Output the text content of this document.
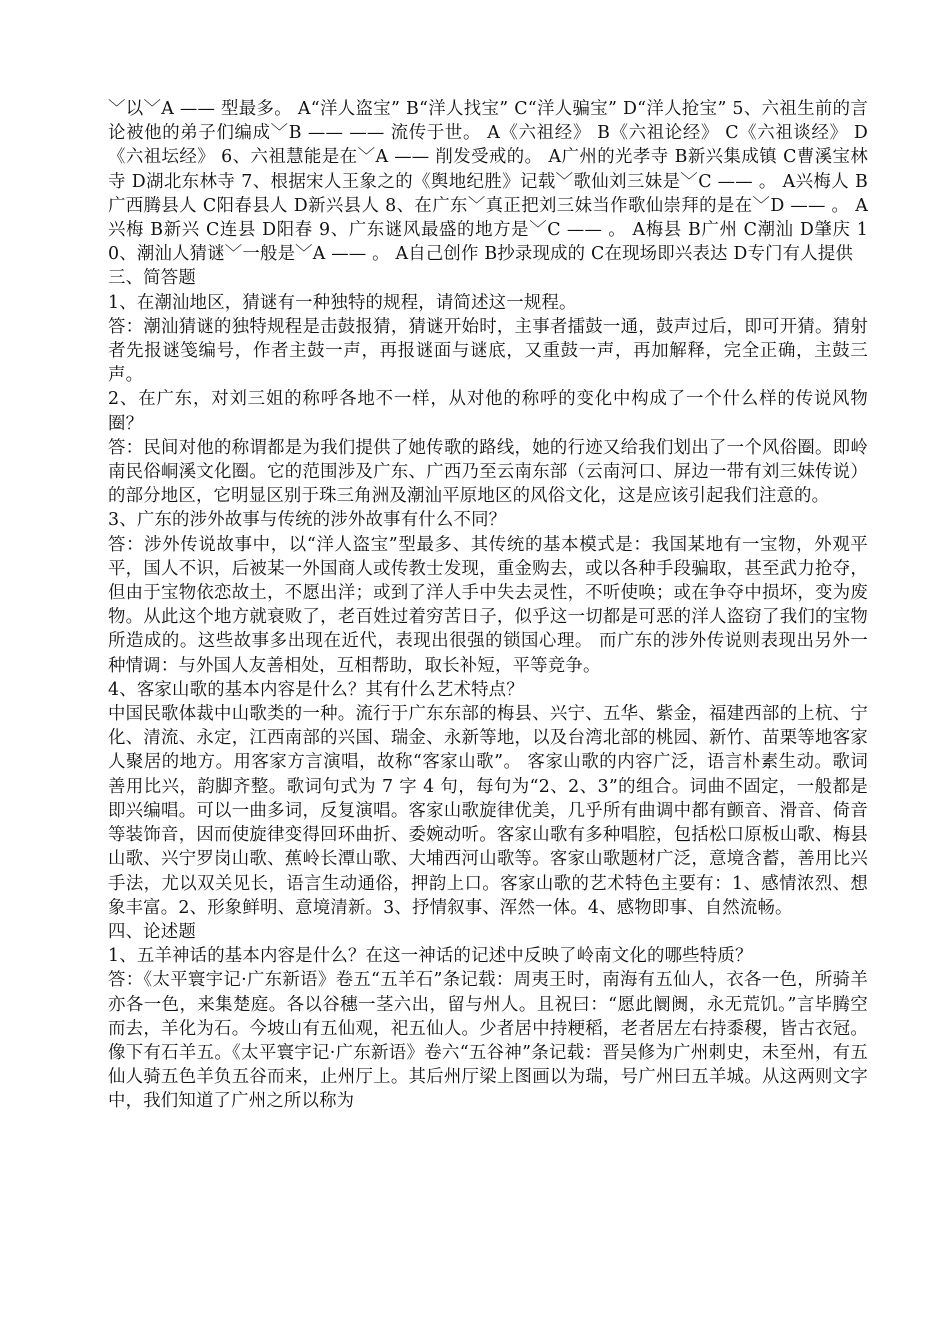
﹀以﹀A —— 型最多。 A“洋人盗宝” B“洋人找宝” C“洋人骗宝” D“洋人抢宝” 5、六祖生前的言论被他的弟子们编成﹀B —— —— 流传于世。 A《六祖经》 B《六祖论经》 C《六祖谈经》 D《六祖坛经》 6、六祖慧能是在﹀A —— 削发受戒的。 A广州的光孝寺 B新兴集成镇 C曹溪宝林寺 D湖北东林寺 7、根据宋人王象之的《舆地纪胜》记载﹀歌仙刘三妹是﹀C —— 。 A兴梅人 B广西腾县人 C阳春县人 D新兴县人 8、在广东﹀真正把刘三妹当作歌仙崇拜的是在﹀D —— 。 A兴梅 B新兴 C连县 D阳春 9、广东谜风最盛的地方是﹀C —— 。 A梅县 B广州 C潮汕 D肇庆 10、潮汕人猜谜﹀一般是﹀A —— 。 A自己创作 B抄录现成的 C在现场即兴表达 D专门有人提供

三、简答题

1、在潮汕地区，猜谜有一种独特的规程，请简述这一规程。

答：潮汕猜谜的独特规程是击鼓报猜，猜谜开始时，主事者擂鼓一通，鼓声过后，即可开猜。猜射者先报谜笺编号，作者主鼓一声，再报谜面与谜底，又重鼓一声，再加解释，完全正确，主鼓三声。

2、在广东，对刘三姐的称呼各地不一样，从对他的称呼的变化中构成了一个什么样的传说风物圈？

答：民间对他的称谓都是为我们提供了她传歌的路线，她的行迹又给我们划出了一个风俗圈。即岭南民俗峒溪文化圈。它的范围涉及广东、广西乃至云南东部（云南河口、屏边一带有刘三妹传说）的部分地区，它明显区别于珠三角洲及潮汕平原地区的风俗文化，这是应该引起我们注意的。

3、广东的涉外故事与传统的涉外故事有什么不同？

答：涉外传说故事中，以“洋人盗宝”型最多、其传统的基本模式是：我国某地有一宝物，外观平平，国人不识，后被某一外国商人或传教士发现，重金购去，或以各种手段骗取，甚至武力抢夺，但由于宝物依恋故土，不愿出洋；或到了洋人手中失去灵性，不听使唤；或在争夺中损坏，变为废物。从此这个地方就衰败了，老百姓过着穷苦日子，似乎这一切都是可恶的洋人盗窃了我们的宝物所造成的。这些故事多出现在近代，表现出很强的锁国心理。 而广东的涉外传说则表现出另外一种情调：与外国人友善相处，互相帮助，取长补短，平等竞争。

4、客家山歌的基本内容是什么？其有什么艺术特点？

中国民歌体裁中山歌类的一种。流行于广东东部的梅县、兴宁、五华、紫金，福建西部的上杭、宁化、清流、永定，江西南部的兴国、瑞金、永新等地，以及台湾北部的桃园、新竹、苗栗等地客家人聚居的地方。用客家方言演唱，故称“客家山歌”。 客家山歌的内容广泛，语言朴素生动。歌词善用比兴，韵脚齐整。歌词句式为 7 字 4 句，每句为“2、2、3”的组合。词曲不固定，一般都是即兴编唱。可以一曲多词，反复演唱。客家山歌旋律优美，几乎所有曲调中都有颤音、滑音、倚音等装饰音，因而使旋律变得回环曲折、委婉动听。客家山歌有多种唱腔，包括松口原板山歌、梅县山歌、兴宁罗岗山歌、蕉岭长潭山歌、大埔西河山歌等。客家山歌题材广泛，意境含蓄，善用比兴手法，尤以双关见长，语言生动通俗，押韵上口。客家山歌的艺术特色主要有：1、感情浓烈、想象丰富。2、形象鲜明、意境清新。3、抒情叙事、浑然一体。4、感物即事、自然流畅。

四、论述题

1、五羊神话的基本内容是什么？在这一神话的记述中反映了岭南文化的哪些特质？

答：《太平寰宇记·广东新语》卷五“五羊石”条记载：周夷王时，南海有五仙人，衣各一色，所骑羊亦各一色，来集楚庭。各以谷穗一茎六出，留与州人。且祝曰：“愿此阛阓，永无荒饥。”言毕腾空而去，羊化为石。今坡山有五仙观，祀五仙人。少者居中持粳稻，老者居左右持黍稷，皆古衣冠。像下有石羊五。《太平寰宇记·广东新语》卷六“五谷神”条记载：晋吴修为广州刺史，未至州，有五仙人骑五色羊负五谷而来，止州厅上。其后州厅梁上图画以为瑞，号广州曰五羊城。从这两则文字中，我们知道了广州之所以称为
